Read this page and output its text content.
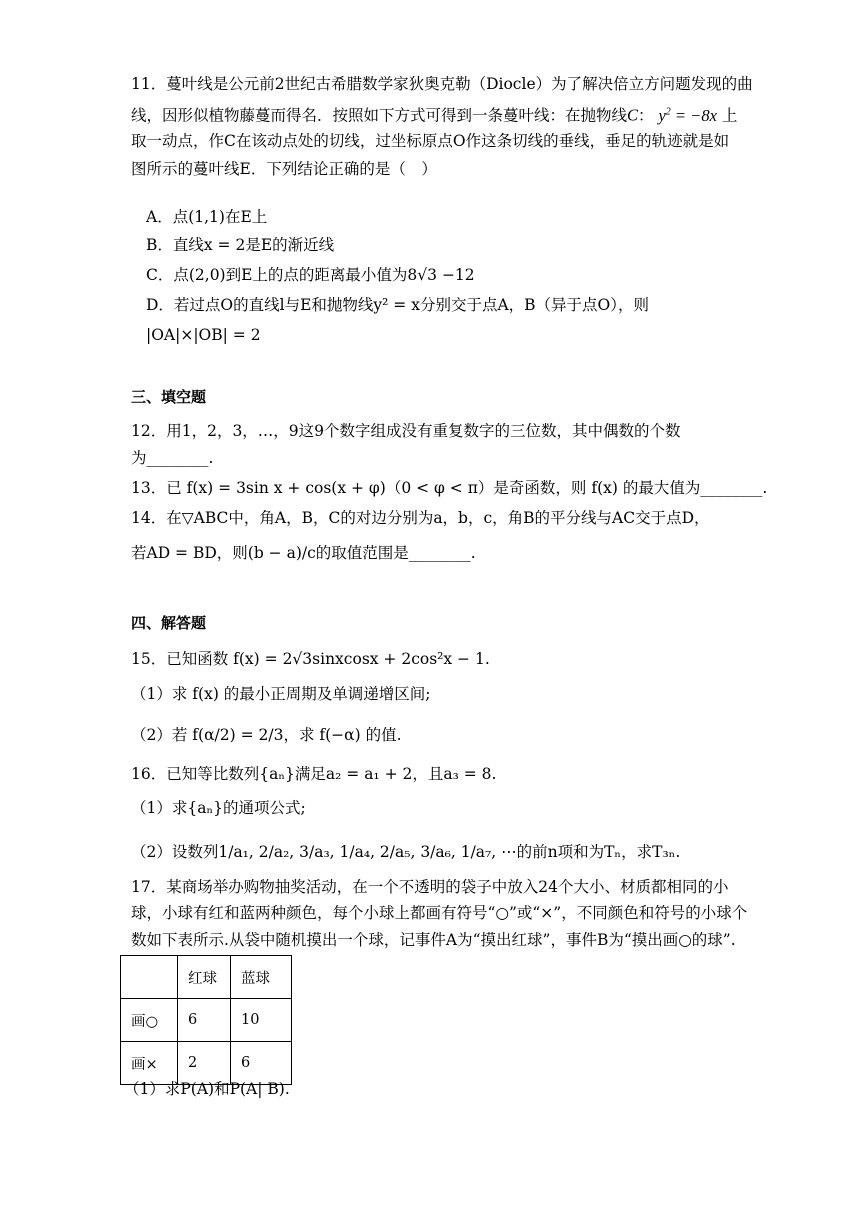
11．蔓叶线是公元前2世纪古希腊数学家狄奥克勒（Diocle）为了解决倍立方问题发现的曲
线，因形似植物藤蔓而得名．按照如下方式可得到一条蔓叶线：在抛物线C： $y^2 = -8x$ 上
取一动点，作C在该动点处的切线，过坐标原点O作这条切线的垂线，垂足的轨迹就是如
图所示的蔓叶线E．下列结论正确的是（　）
A．点(1,1)在E上
B．直线x = 2是E的渐近线
C．点(2,0)到E上的点的距离最小值为8√3 −12
D．若过点O的直线l与E和抛物线y² = x分别交于点A，B（异于点O），则
|OA|×|OB| = 2
三、填空题
12．用1，2，3，…，9这9个数字组成没有重复数字的三位数，其中偶数的个数
为________.
13．已 f(x) = 3sin x + cos(x + φ)（0 < φ < π）是奇函数，则 f(x) 的最大值为________.
14．在▽ABC中，角A，B，C的对边分别为a，b，c，角B的平分线与AC交于点D，
若AD = BD，则(b − a)/c的取值范围是________.
四、解答题
15．已知函数 f(x) = 2√3sinxcosx + 2cos²x − 1.
（1）求 f(x) 的最小正周期及单调递增区间;
（2）若 f(α/2) = 2/3，求 f(−α) 的值.
16．已知等比数列{aₙ}满足a₂ = a₁ + 2，且a₃ = 8.
（1）求{aₙ}的通项公式;
（2）设数列1/a₁, 2/a₂, 3/a₃, 1/a₄, 2/a₅, 3/a₆, 1/a₇, ⋯的前n项和为Tₙ，求T₃ₙ.
17．某商场举办购物抽奖活动，在一个不透明的袋子中放入24个大小、材质都相同的小
球，小球有红和蓝两种颜色，每个小球上都画有符号“○”或“×”，不同颜色和符号的小球个
数如下表所示.从袋中随机摸出一个球，记事件A为“摸出红球”，事件B为“摸出画○的球”.
	红球	蓝球
画○	6	10
画×	2	6
（1）求P(A)和P(A| B).
